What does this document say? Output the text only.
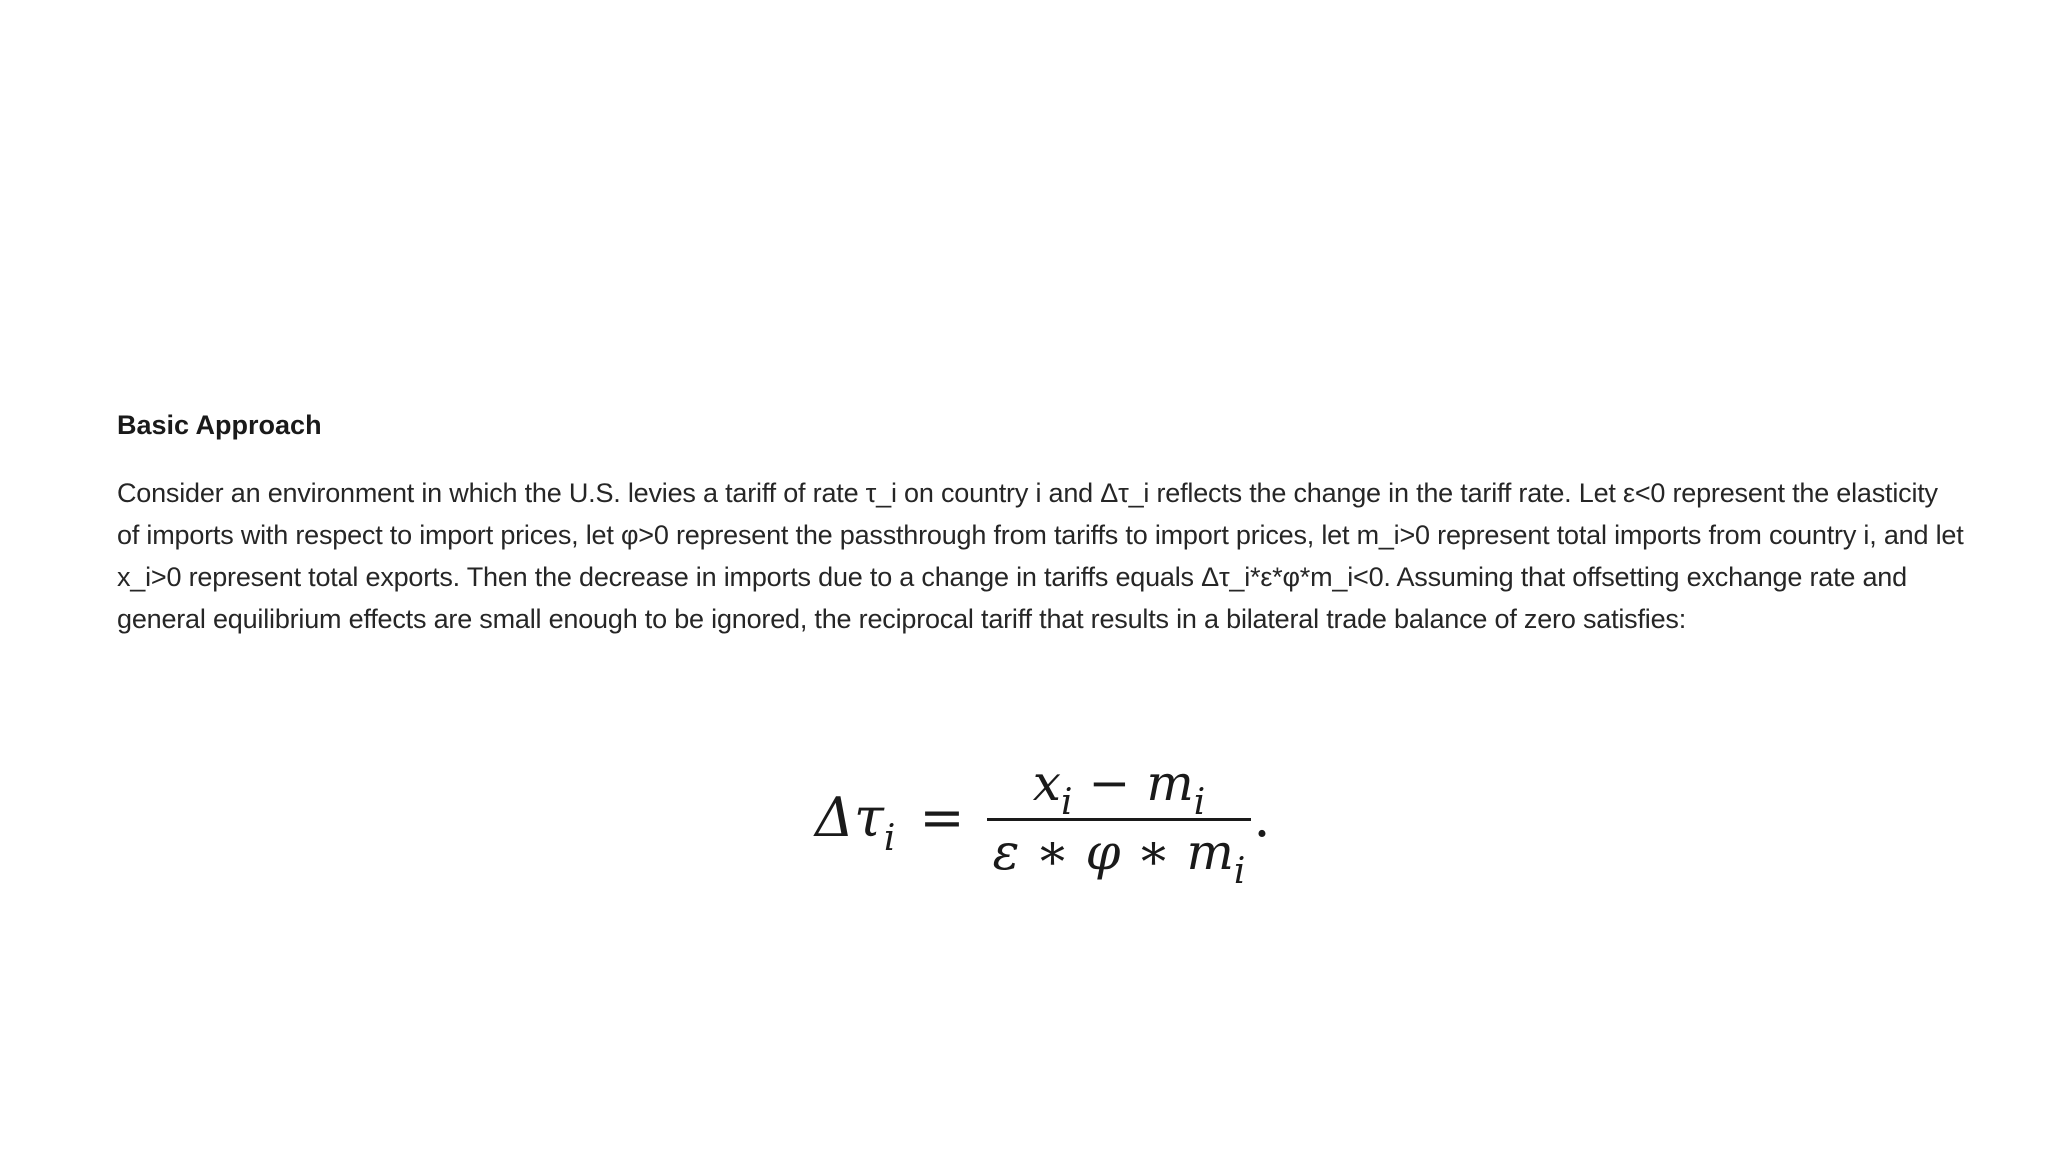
Basic Approach

Consider an environment in which the U.S. levies a tariff of rate τ_i on country i and Δτ_i reflects the change in the tariff rate. Let ε<0 represent the elasticity of imports with respect to import prices, let φ>0 represent the passthrough from tariffs to import prices, let m_i>0 represent total imports from country i, and let x_i>0 represent total exports. Then the decrease in imports due to a change in tariffs equals Δτ_i*ε*φ*m_i<0. Assuming that offsetting exchange rate and general equilibrium effects are small enough to be ignored, the reciprocal tariff that results in a bilateral trade balance of zero satisfies:

Δτ $i = \frac{\text{x i − m i}}{\text{ε ∗ φ ∗ m i}}$ .
